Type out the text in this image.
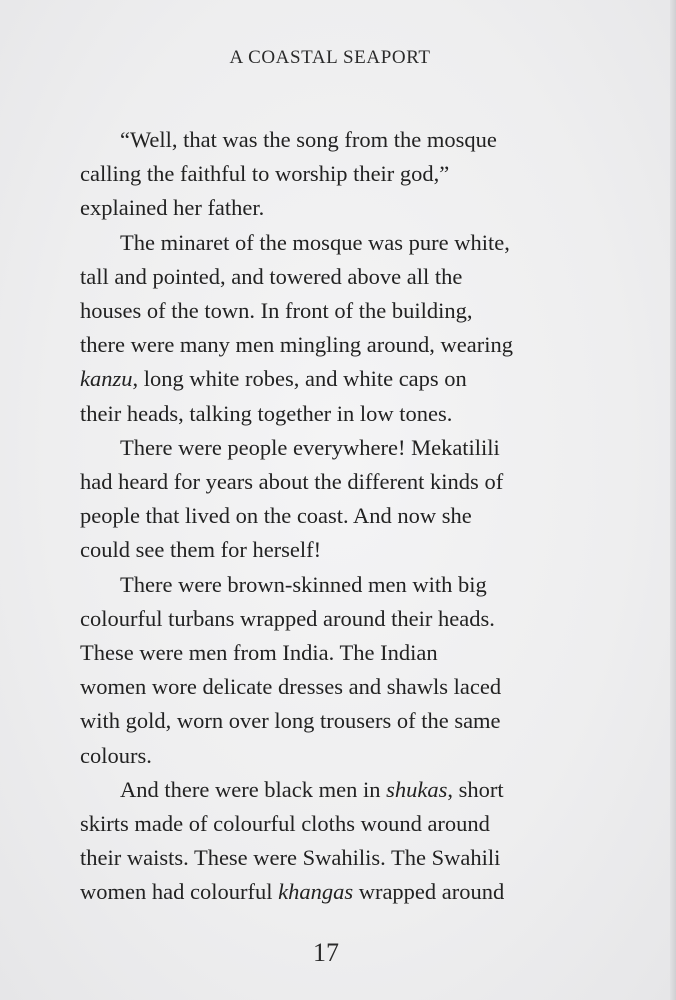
A COASTAL SEAPORT

“Well, that was the song from the mosque
calling the faithful to worship their god,”
explained her father.

The minaret of the mosque was pure white,
tall and pointed, and towered above all the
houses of the town. In front of the building,
there were many men mingling around, wearing
kanzu, long white robes, and white caps on
their heads, talking together in low tones.

There were people everywhere! Mekatilili
had heard for years about the different kinds of
people that lived on the coast. And now she
could see them for herself!

There were brown-skinned men with big
colourful turbans wrapped around their heads.
These were men from India. The Indian
women wore delicate dresses and shawls laced
with gold, worn over long trousers of the same
colours.

And there were black men in shukas, short
skirts made of colourful cloths wound around
their waists. These were Swahilis. The Swahili
women had colourful khangas wrapped around

17
